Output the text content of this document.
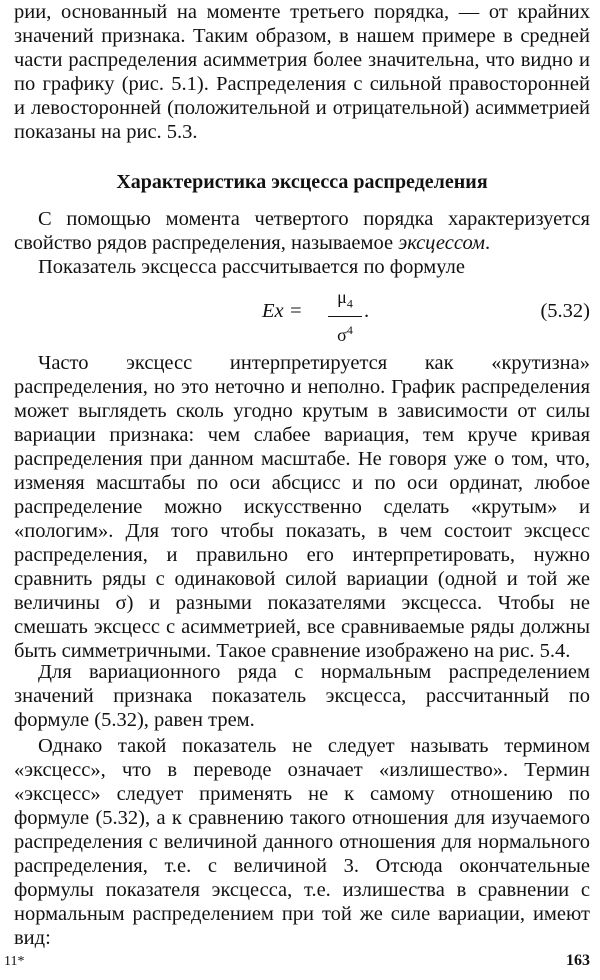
рии, основанный на моменте третьего порядка, — от крайних значений признака. Таким образом, в нашем примере в средней части распределения асимметрия более значительна, что видно и по графику (рис. 5.1). Распределения с сильной правосторонней и левосторонней (положительной и отрицательной) асимметрией показаны на рис. 5.3.

Характеристика эксцесса распределения

С помощью момента четвертого порядка характеризуется свойство рядов распределения, называемое эксцессом.

Показатель эксцесса рассчитывается по формуле

Ex =
$\mu_4$
$\sigma^4$
.	(5.32)

Часто эксцесс интерпретируется как «крутизна» распределения, но это неточно и неполно. График распределения может выглядеть сколь угодно крутым в зависимости от силы вариации признака: чем слабее вариация, тем круче кривая распределения при данном масштабе. Не говоря уже о том, что, изменяя масштабы по оси абсцисс и по оси ординат, любое распределение можно искусственно сделать «крутым» и «пологим». Для того чтобы показать, в чем состоит эксцесс распределения, и правильно его интерпретировать, нужно сравнить ряды с одинаковой силой вариации (одной и той же величины σ) и разными показателями эксцесса. Чтобы не смешать эксцесс с асимметрией, все сравниваемые ряды должны быть симметричными. Такое сравнение изображено на рис. 5.4.

Для вариационного ряда с нормальным распределением значений признака показатель эксцесса, рассчитанный по формуле (5.32), равен трем.

Однако такой показатель не следует называть термином «эксцесс», что в переводе означает «излишество». Термин «эксцесс» следует применять не к самому отношению по формуле (5.32), а к сравнению такого отношения для изучаемого распределения с величиной данного отношения для нормального распределения, т.е. с величиной 3. Отсюда окончательные формулы показателя эксцесса, т.е. излишества в сравнении с нормальным распределением при той же силе вариации, имеют вид:

11*	163
